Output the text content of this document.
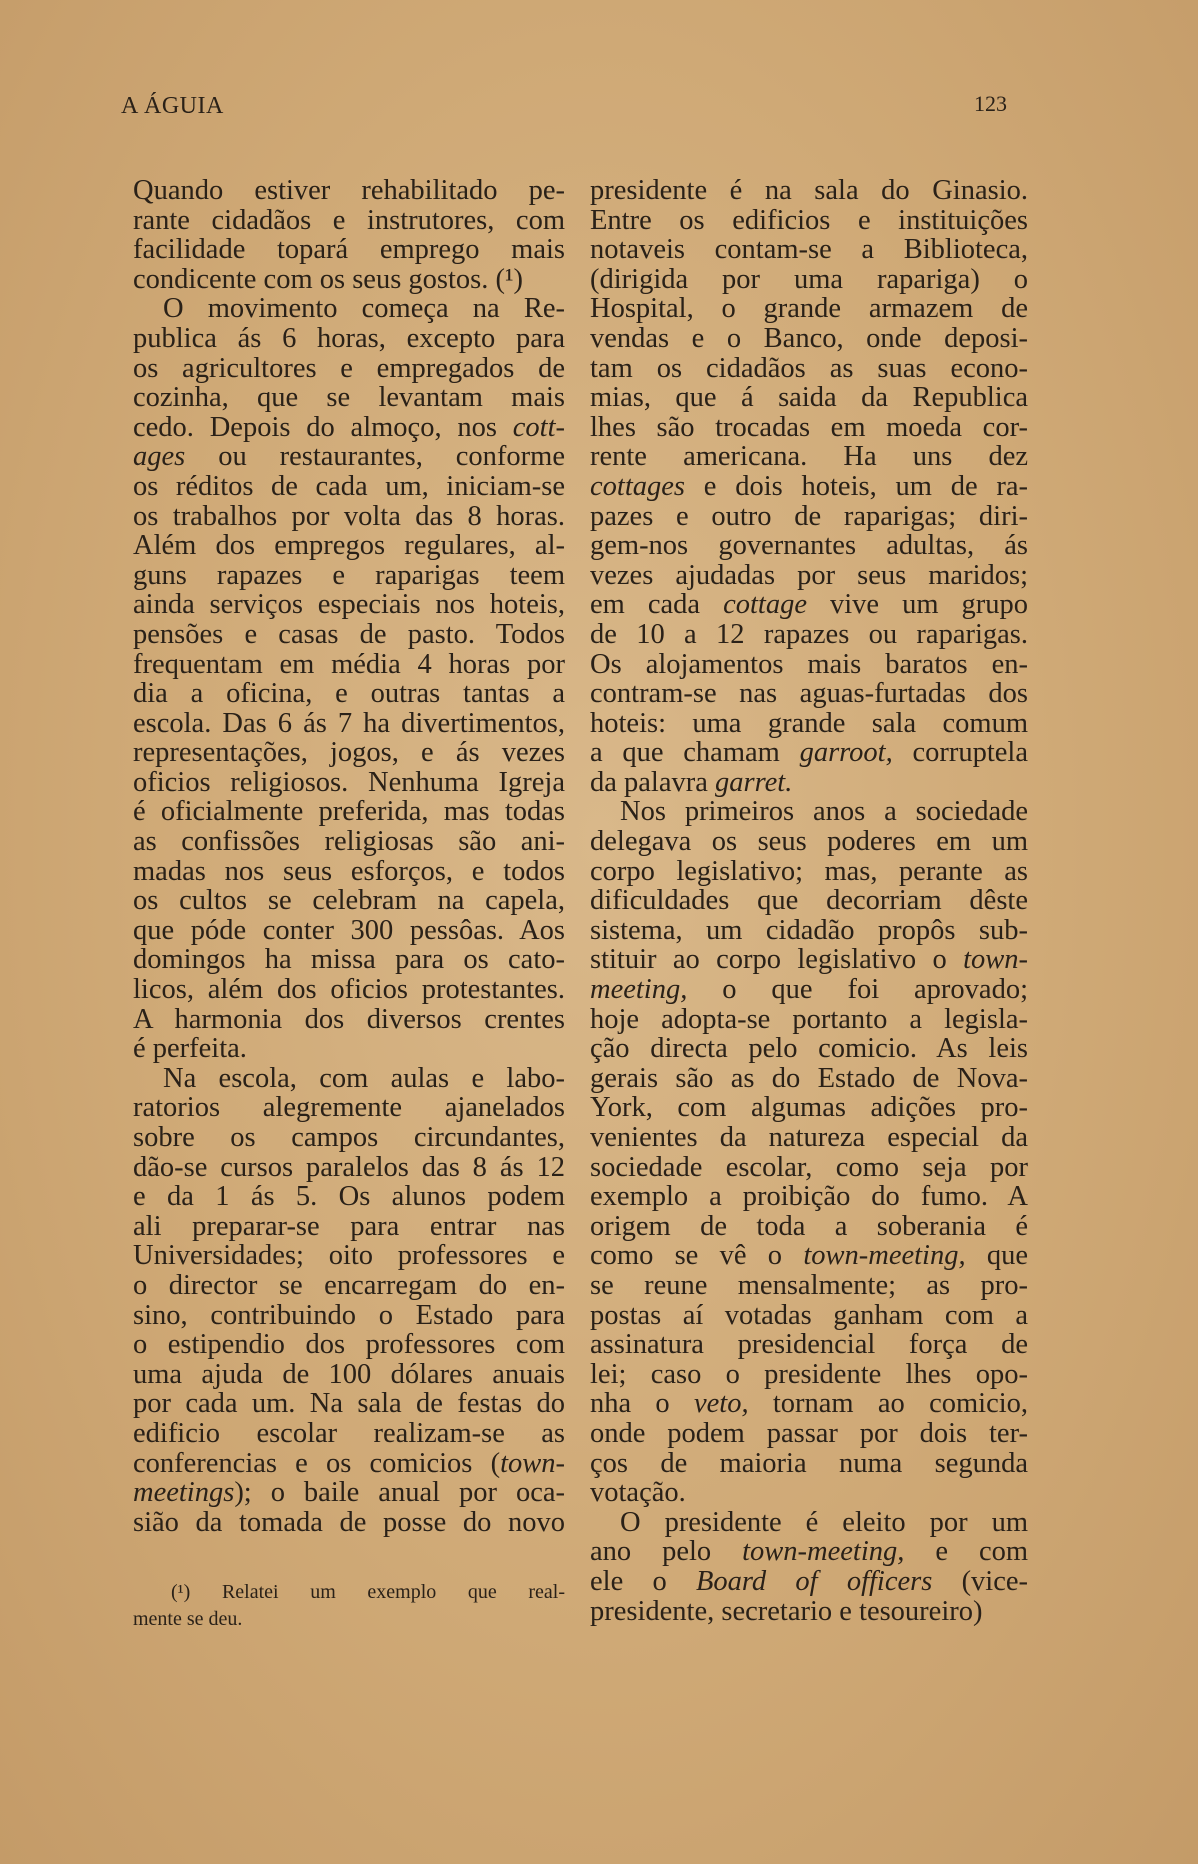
A ÁGUIA	123
Quando estiver rehabilitado pe-
rante cidadãos e instrutores, com
facilidade topará emprego mais
condicente com os seus gostos. (¹)
O movimento começa na Re-
publica ás 6 horas, excepto para
os agricultores e empregados de
cozinha, que se levantam mais
cedo. Depois do almoço, nos cott-
ages ou restaurantes, conforme
os réditos de cada um, iniciam-se
os trabalhos por volta das 8 horas.
Além dos empregos regulares, al-
guns rapazes e raparigas teem
ainda serviços especiais nos hoteis,
pensões e casas de pasto. Todos
frequentam em média 4 horas por
dia a oficina, e outras tantas a
escola. Das 6 ás 7 ha divertimentos,
representações, jogos, e ás vezes
oficios religiosos. Nenhuma Igreja
é oficialmente preferida, mas todas
as confissões religiosas são ani-
madas nos seus esforços, e todos
os cultos se celebram na capela,
que póde conter 300 pessôas. Aos
domingos ha missa para os cato-
licos, além dos oficios protestantes.
A harmonia dos diversos crentes
é perfeita.
Na escola, com aulas e labo-
ratorios alegremente ajanelados
sobre os campos circundantes,
dão-se cursos paralelos das 8 ás 12
e da 1 ás 5. Os alunos podem
ali preparar-se para entrar nas
Universidades; oito professores e
o director se encarregam do en-
sino, contribuindo o Estado para
o estipendio dos professores com
uma ajuda de 100 dólares anuais
por cada um. Na sala de festas do
edificio escolar realizam-se as
conferencias e os comicios (town-
meetings); o baile anual por oca-
sião da tomada de posse do novo
(¹) Relatei um exemplo que real-
mente se deu.
presidente é na sala do Ginasio.
Entre os edificios e instituições
notaveis contam-se a Biblioteca,
(dirigida por uma rapariga) o
Hospital, o grande armazem de
vendas e o Banco, onde deposi-
tam os cidadãos as suas econo-
mias, que á saida da Republica
lhes são trocadas em moeda cor-
rente americana. Ha uns dez
cottages e dois hoteis, um de ra-
pazes e outro de raparigas; diri-
gem-nos governantes adultas, ás
vezes ajudadas por seus maridos;
em cada cottage vive um grupo
de 10 a 12 rapazes ou raparigas.
Os alojamentos mais baratos en-
contram-se nas aguas-furtadas dos
hoteis: uma grande sala comum
a que chamam garroot, corruptela
da palavra garret.
Nos primeiros anos a sociedade
delegava os seus poderes em um
corpo legislativo; mas, perante as
dificuldades que decorriam dêste
sistema, um cidadão propôs sub-
stituir ao corpo legislativo o town-
meeting, o que foi aprovado;
hoje adopta-se portanto a legisla-
ção directa pelo comicio. As leis
gerais são as do Estado de Nova-
York, com algumas adições pro-
venientes da natureza especial da
sociedade escolar, como seja por
exemplo a proibição do fumo. A
origem de toda a soberania é
como se vê o town-meeting, que
se reune mensalmente; as pro-
postas aí votadas ganham com a
assinatura presidencial força de
lei; caso o presidente lhes opo-
nha o veto, tornam ao comicio,
onde podem passar por dois ter-
ços de maioria numa segunda
votação.
O presidente é eleito por um
ano pelo town-meeting, e com
ele o Board of officers (vice-
presidente, secretario e tesoureiro)
